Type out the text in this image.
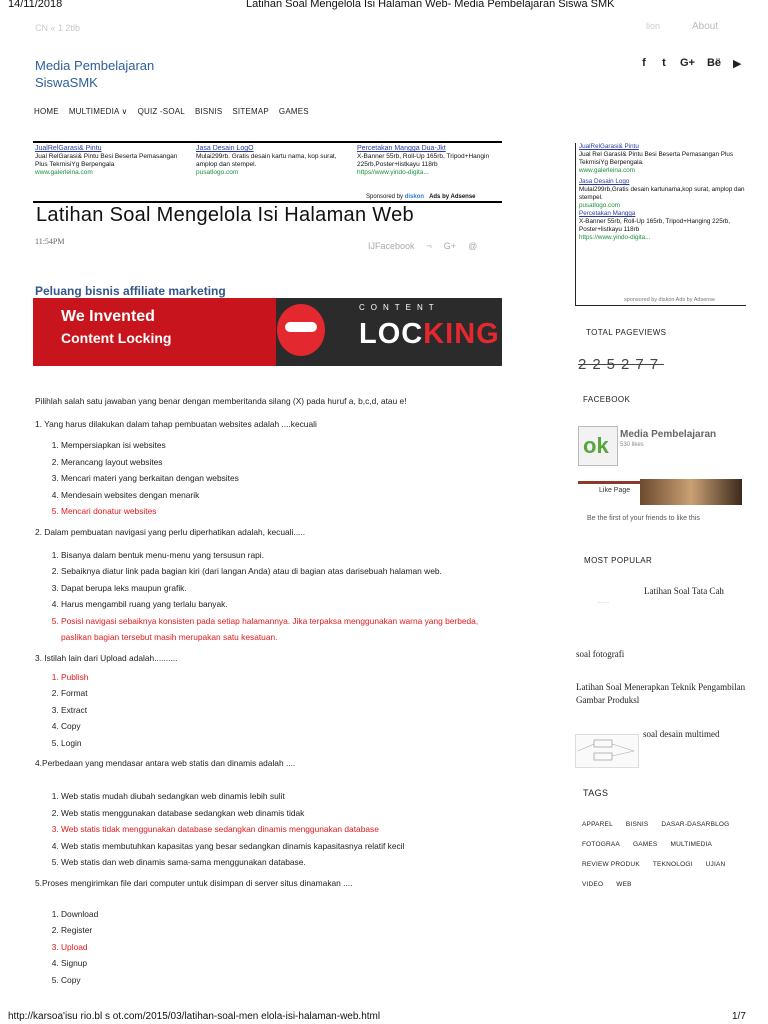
14/11/2018	Latihan Soal Mengelola Isi Halaman Web- Media Pembelajaran Siswa SMK
CN « 1 2tlb	lion	About
Media Pembelajaran SiswaSMK
f t G+ Bë ▶
HOME MULTIMEDIA ∨ QUIZ -SOAL BISNIS SITEMAP GAMES
JualRelGarasi& Pintu
Jual RelGarasi& Pintu Besi Beserta Pemasangan Plus TekrnisiYg Berpengala
www.galerleina.com
Jasa Desain LogO
Mulai299rb. Gratis desain kartu nama, kop surat, amplop dan stempel.
pusatlogo.com
Percetakan Mangga Dua-Jkt
X-Banner 55rb, Roll-Up 165rb, Tripod+Hangin 225rb,Poster+listkayu 118rb
https//www.yindo-digita...
Sponsored by diskon Ads by Adsense
Latihan Soal Mengelola Isi Halaman Web
11:54PM	IJFacebook ¬ G+ @
Peluang bisnis affiliate marketing
We Invented
Content Locking
CONTENT
LOCKING

Pilihlah salah satu jawaban yang benar dengan memberitanda silang (X) pada huruf a, b,c,d, atau e!

1. Yang harus dilakukan dalam tahap pembuatan websites adalah ....kecuali

1. Mempersiapkan isi websites
2. Merancang layout websites
3. Mencari materi yang berkaitan dengan websites
4. Mendesain websites dengan menarik
5. Mencari donatur websites

2. Dalam pembuatan navigasi yang perlu diperhatikan adalah, kecuali.....

1. Bisanya dalam bentuk menu-menu yang tersusun rapi.
2. Sebaiknya diatur link pada bagian kiri (dari langan Anda) atau di bagian atas darisebuah halaman web.
3. Dapat berupa leks maupun grafik.
4. Harus mengambil ruang yang terlalu banyak.
5. Posisi navigasi sebaiknya konsisten pada setiap halamannya. Jika terpaksa menggunakan warna yang berbeda, paslikan bagian tersebut masih merupakan satu kesatuan.

3. Istilah lain dari Upload adalah..........

1. Publish
2. Format
3. Extract
4. Copy
5. Login

4.Perbedaan yang mendasar antara web statis dan dinamis adalah ....

1. Web statis mudah diubah sedangkan web dinamis lebih sulit
2. Web statis menggunakan database sedangkan web dinamis tidak
3. Web statis tidak menggunakan database sedangkan dinamis menggunakan database
4. Web statis membutuhkan kapasitas yang besar sedangkan dinamis kapasitasnya relatif kecil
5. Web statis dan web dinamis sama-sama menggunakan database.

5.Proses mengirimkan file dari computer untuk disimpan di server situs dinamakan ....

1. Download
2. Register
3. Upload
4. Signup
5. Copy
JualRelGarasi& Pintu
Jual Rel GarasI& Pintu Besi Beserta Pemasangan Plus TekrnisiYg Berpengala.
www.galerleina.com
Jasa Desain Logo
Mulai299rb,Gratis desain kartunama,kop surat, amplop dan stempel.
pusatlogo.com
Percetakan Mangga
X-Banner 55rb, Roll-Up 165rb, Tripod+Hanging 225rb, Poster+listkayu 118rb
https://www.yindo-digita...
sponsored by diskon Ads by Adsense
TOTAL PAGEVIEWS
225277
FACEBOOK
ok
Media Pembelajaran
530 likes
Like Page
Be the first of your friends to like this
MOST POPULAR
Latihan Soal Tata Cah
- - - -
soal fotografi
Latihan Soal Menerapkan Teknik Pengambilan Gambar Produksl
soal desain multimed
TAGS
APPAREL BISNIS DASAR-DASARBLOGFOTOGRAA GAMES MULTIMEDIAREVIEW PRODUK TEKNOLOGI UJIANVIDEO WEB
http://karsoa'isu rio.bl s ot.com/2015/03/latihan-soal-men elola-isi-halaman-web.html	1/7
